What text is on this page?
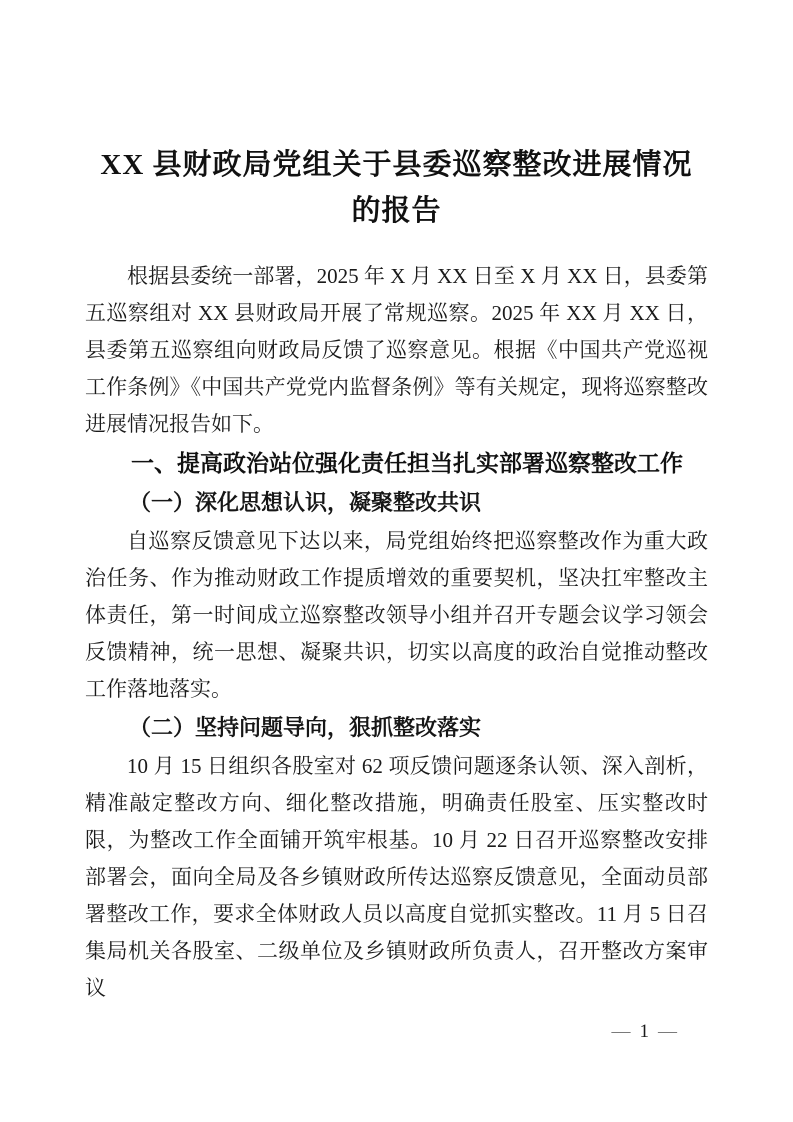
XX 县财政局党组关于县委巡察整改进展情况
的报告

根据县委统一部署，2025 年 X 月 XX 日至 X 月 XX 日，县委第五巡察组对 XX 县财政局开展了常规巡察。2025 年 XX 月 XX 日，县委第五巡察组向财政局反馈了巡察意见。根据《中国共产党巡视工作条例》《中国共产党党内监督条例》等有关规定，现将巡察整改进展情况报告如下。

一、提高政治站位强化责任担当扎实部署巡察整改工作
（一）深化思想认识，凝聚整改共识

自巡察反馈意见下达以来，局党组始终把巡察整改作为重大政治任务、作为推动财政工作提质增效的重要契机，坚决扛牢整改主体责任，第一时间成立巡察整改领导小组并召开专题会议学习领会反馈精神，统一思想、凝聚共识，切实以高度的政治自觉推动整改工作落地落实。

（二）坚持问题导向，狠抓整改落实

10 月 15 日组织各股室对 62 项反馈问题逐条认领、深入剖析，精准敲定整改方向、细化整改措施，明确责任股室、压实整改时限，为整改工作全面铺开筑牢根基。10 月 22 日召开巡察整改安排部署会，面向全局及各乡镇财政所传达巡察反馈意见，全面动员部署整改工作，要求全体财政人员以高度自觉抓实整改。11 月 5 日召集局机关各股室、二级单位及乡镇财政所负责人，召开整改方案审议

— 1 —
